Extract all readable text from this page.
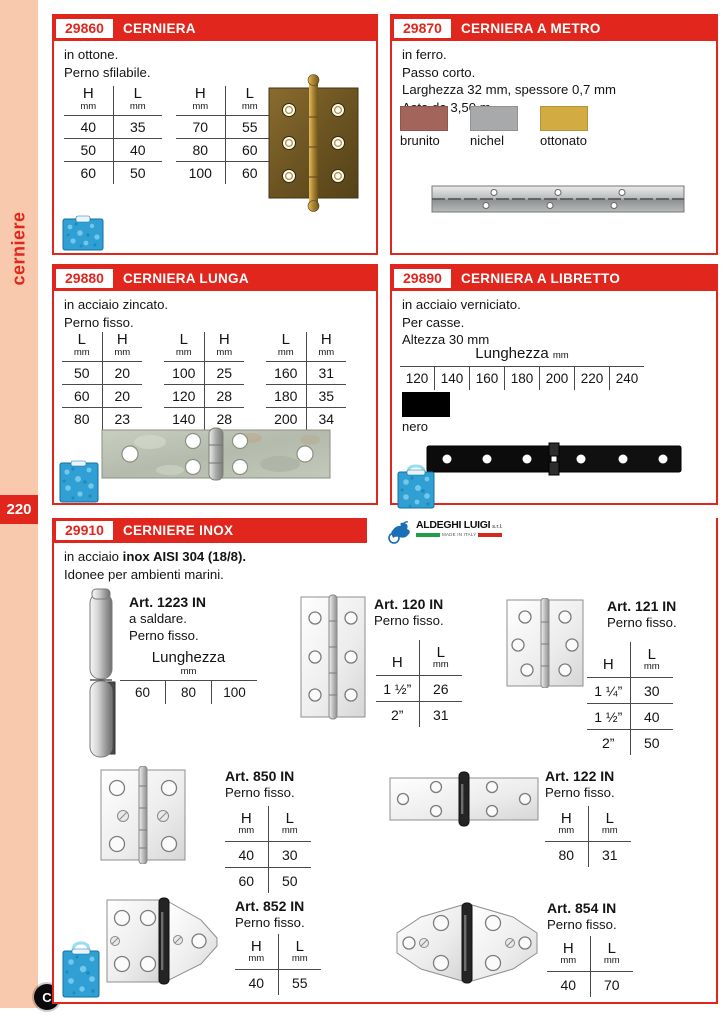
cerniere
220
C
29860	CERNIERA
in ottone.
Perno sfilabile.
H
mm

L
mm

40	35
50	40
60	50
H
mm

L
mm

70	55
80	60
100	60
29870	CERNIERA A METRO
in ferro.
Passo corto.
Larghezza 32 mm, spessore 0,7 mm
3,50
brunito	nichel	ottonato
29880	CERNIERA LUNGA
in acciaio zincato.
Perno fisso.
L
mm

H
mm

50	20
60	20
80	23
L
mm

H
mm

100	25
120	28
140	28
L
mm

H
mm

160	31
180	35
200	34
29890	CERNIERA A LIBRETTO
in acciaio verniciato.
Per casse.
Altezza 30 mm
Lunghezza mm
120 140 160 180 200 220 240
nero
29910	CERNIERE INOX	ALDEGHI LUIGI s.r.l.
MADE IN ITALY
in acciaio inox AISI 304 (18/8).
Idonee per ambienti marini.
Art. 1223 IN
a saldare.
Perno fisso.
Lunghezza
mm
60	80	100
Art. 120 IN
Perno fisso.
H	L
mm

1 ½”	26
2”	31
Art. 121 IN
Perno fisso.
H	L
mm

1 ¼”	30
1 ½”	40
2”	50
Art. 850 IN
Perno fisso.
H
mm

L
mm

40	30
60	50
Art. 122 IN
Perno fisso.
H
mm

L
mm

80	31
Art. 852 IN
Perno fisso.
H
mm

L
mm

40	55
Art. 854 IN
Perno fisso.
H
mm

L
mm

40	70
